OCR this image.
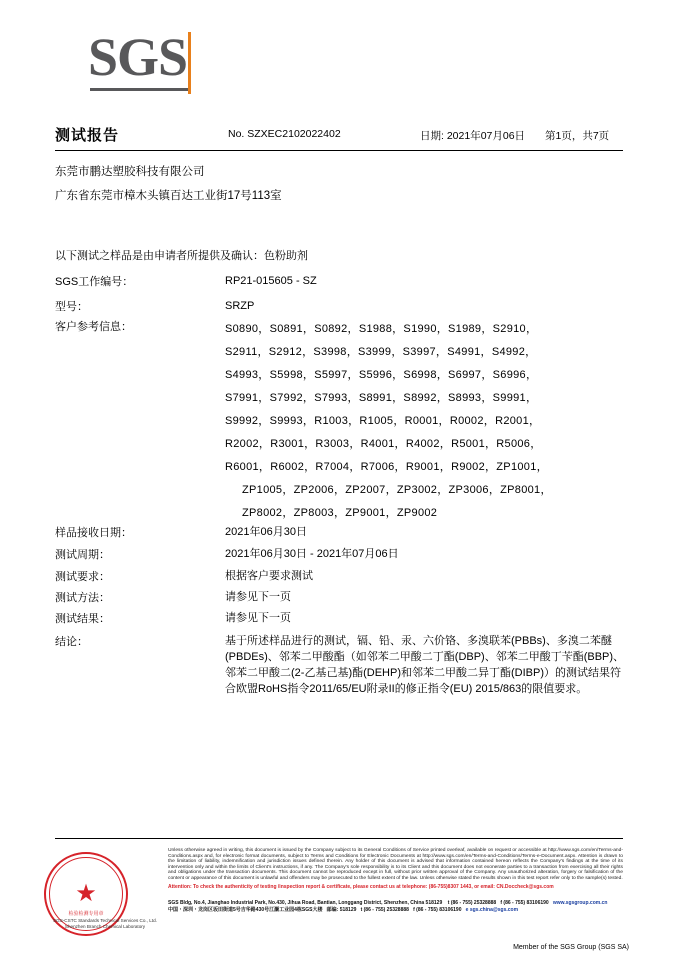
SGS
测试报告	No. SZXEC2102022402	日期: 2021年07月06日 第1页，共7页
东莞市鹏达塑胶科技有限公司
广东省东莞市樟木头镇百达工业街17号113室
以下测试之样品是由申请者所提供及确认：色粉助剂
SGS工作编号：	RP21-015605 - SZ
型号：	SRZP
客户参考信息：	S0890，S0891，S0892，S1988，S1990，S1989，S2910，
S2911，S2912，S3998，S3999，S3997，S4991，S4992，
S4993，S5998，S5997，S5996，S6998，S6997，S6996，
S7991，S7992，S7993，S8991，S8992，S8993，S9991，
S9992，S9993，R1003，R1005，R0001，R0002，R2001，
R2002，R3001，R3003，R4001，R4002，R5001，R5006，
R6001，R6002，R7004，R7006，R9001，R9002，ZP1001，
ZP1005，ZP2006，ZP2007，ZP3002，ZP3006，ZP8001，
ZP8002，ZP8003，ZP9001，ZP9002
样品接收日期：	2021年06月30日
测试周期：	2021年06月30日 - 2021年07月06日
测试要求：	根据客户要求测试
测试方法：	请参见下一页
测试结果：	请参见下一页
结论：	基于所述样品进行的测试，镉、铅、汞、六价铬、多溴联苯(PBBs)、多溴二苯醚(PBDEs)、邻苯二甲酸酯（如邻苯二甲酸二丁酯(DBP)、邻苯二甲酸丁苄酯(BBP)、邻苯二甲酸二(2-乙基己基)酯(DEHP)和邻苯二甲酸二异丁酯(DIBP)）的测试结果符合欧盟RoHS指令2011/65/EU附录II的修正指令(EU) 2015/863的限值要求。
★
检验检测专用章
SGS-CSTC Standards Technical Services Co., Ltd.
Shenzhen Branch Chemical Laboratory

Unless otherwise agreed in writing, this document is issued by the Company subject to its General Conditions of Service printed overleaf, available on request or accessible at http://www.sgs.com/en/Terms-and-Conditions.aspx and, for electronic format documents, subject to Terms and Conditions for Electronic Documents at http://www.sgs.com/en/Terms-and-Conditions/Terms-e-Document.aspx. Attention is drawn to the limitation of liability, indemnification and jurisdiction issues defined therein. Any holder of this document is advised that information contained hereon reflects the Company's findings at the time of its intervention only and within the limits of Client's instructions, if any. The Company's sole responsibility is to its Client and this document does not exonerate parties to a transaction from exercising all their rights and obligations under the transaction documents. This document cannot be reproduced except in full, without prior written approval of the Company. Any unauthorized alteration, forgery or falsification of the content or appearance of this document is unlawful and offenders may be prosecuted to the fullest extent of the law. Unless otherwise stated the results shown in this test report refer only to the sample(s) tested.

Attention: To check the authenticity of testing /inspection report & certificate, please contact us at telephone: (86-755)8307 1443, or email: CN.Doccheck@sgs.com

SGS Bldg, No.4, Jianghao Industrial Park, No.430, Jihua Road, Bantian, Longgang District, Shenzhen, China 518129 t (86 - 755) 25328888 f (86 - 755) 83106190 www.sgsgroup.com.cn

中国・深圳・龙岗区坂田街道5号吉华路430号江灏工业园4栋SGS大楼 邮编: 518129 t (86 - 755) 25328888 f (86 - 755) 83106190 e sgs.china@sgs.com

Member of the SGS Group (SGS SA)
